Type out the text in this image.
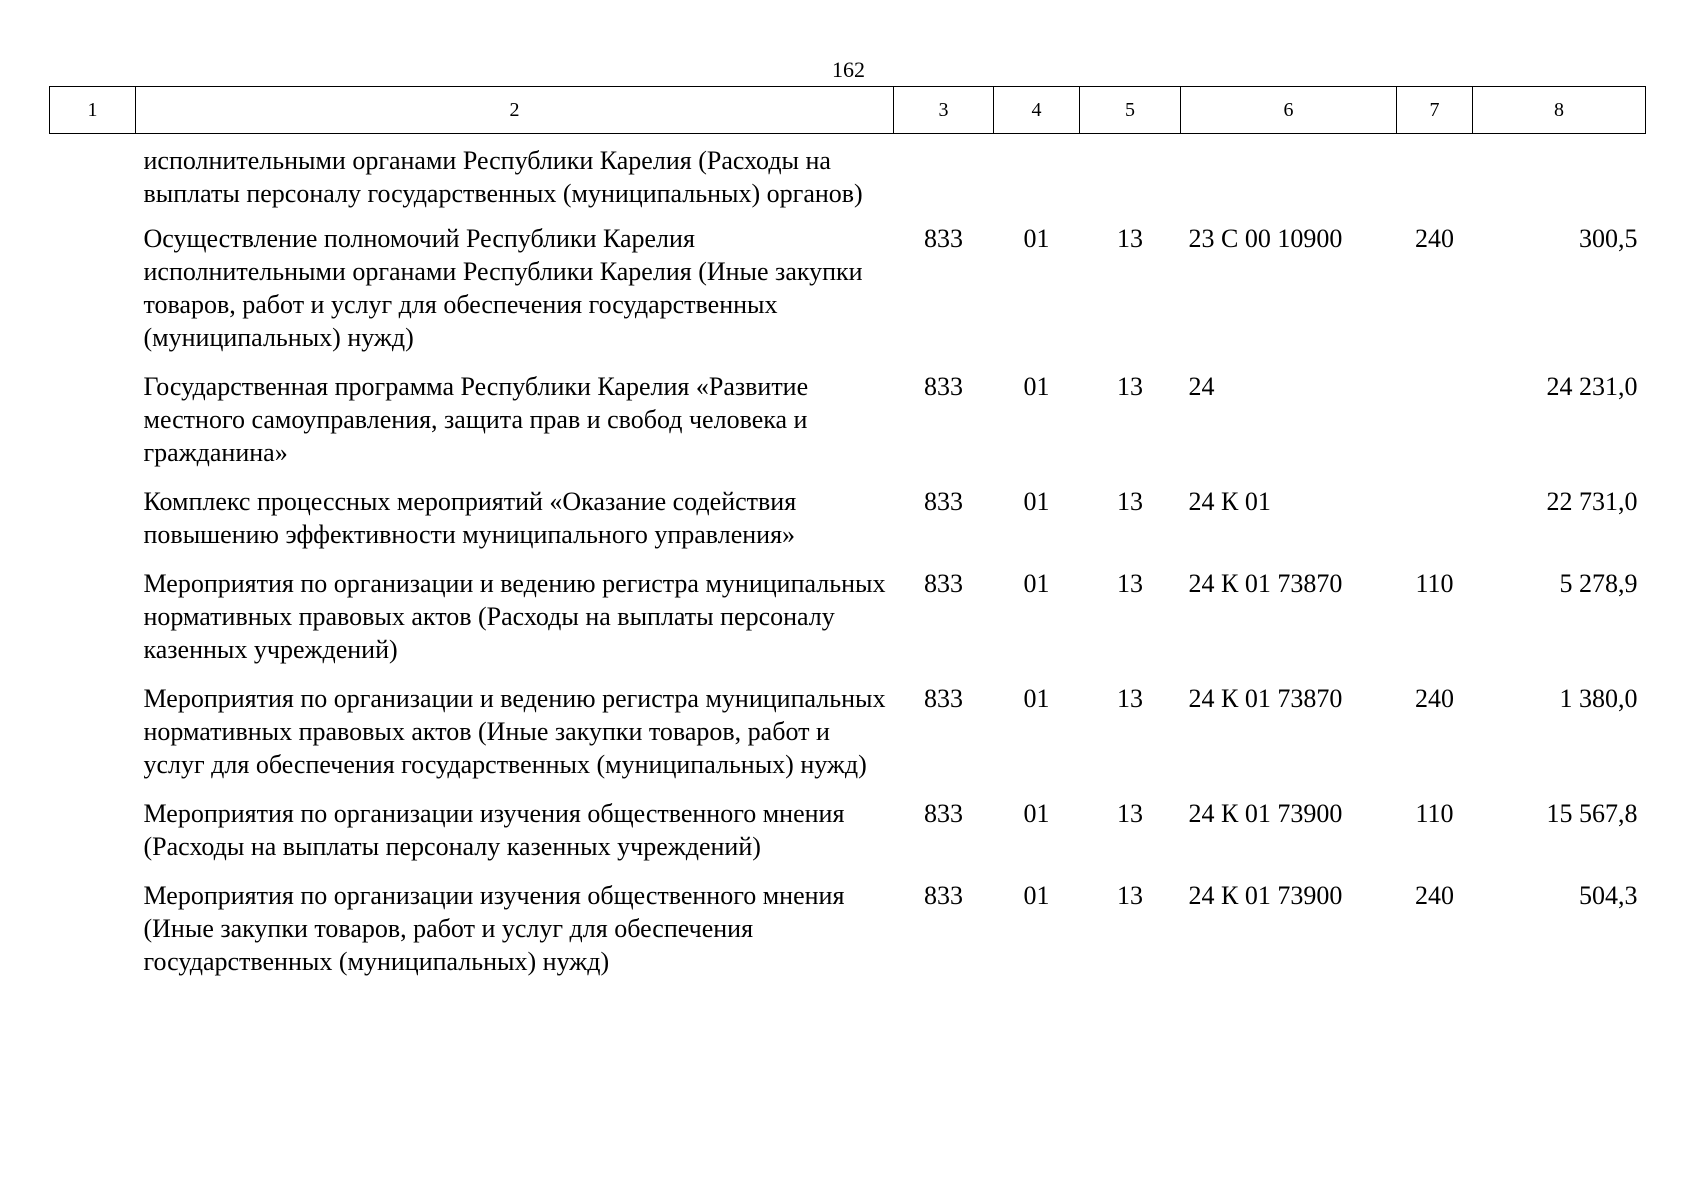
162
1	2	3	4	5	6	7	8
исполнительными органами Республики Карелия (Расходы на выплаты персоналу государственных (муниципальных) органов)							
Осуществление полномочий Республики Карелия исполнительными органами Республики Карелия (Иные закупки товаров, работ и услуг для обеспечения государственных (муниципальных) нужд)		833	01	13	23 С 00 10900	240	300,5
Государственная программа Республики Карелия «Развитие местного самоуправления, защита прав и свобод человека и гражданина»		833	01	13	24		24 231,0
Комплекс процессных мероприятий «Оказание содействия повышению эффективности муниципального управления»		833	01	13	24 К 01		22 731,0
Мероприятия по организации и ведению регистра муниципальных нормативных правовых актов (Расходы на выплаты персоналу казенных учреждений)		833	01	13	24 К 01 73870	110	5 278,9
Мероприятия по организации и ведению регистра муниципальных нормативных правовых актов (Иные закупки товаров, работ и услуг для обеспечения государственных (муниципальных) нужд)		833	01	13	24 К 01 73870	240	1 380,0
Мероприятия по организации изучения общественного мнения (Расходы на выплаты персоналу казенных учреждений)		833	01	13	24 К 01 73900	110	15 567,8
Мероприятия по организации изучения общественного мнения (Иные закупки товаров, работ и услуг для обеспечения государственных (муниципальных) нужд)		833	01	13	24 К 01 73900	240	504,3
